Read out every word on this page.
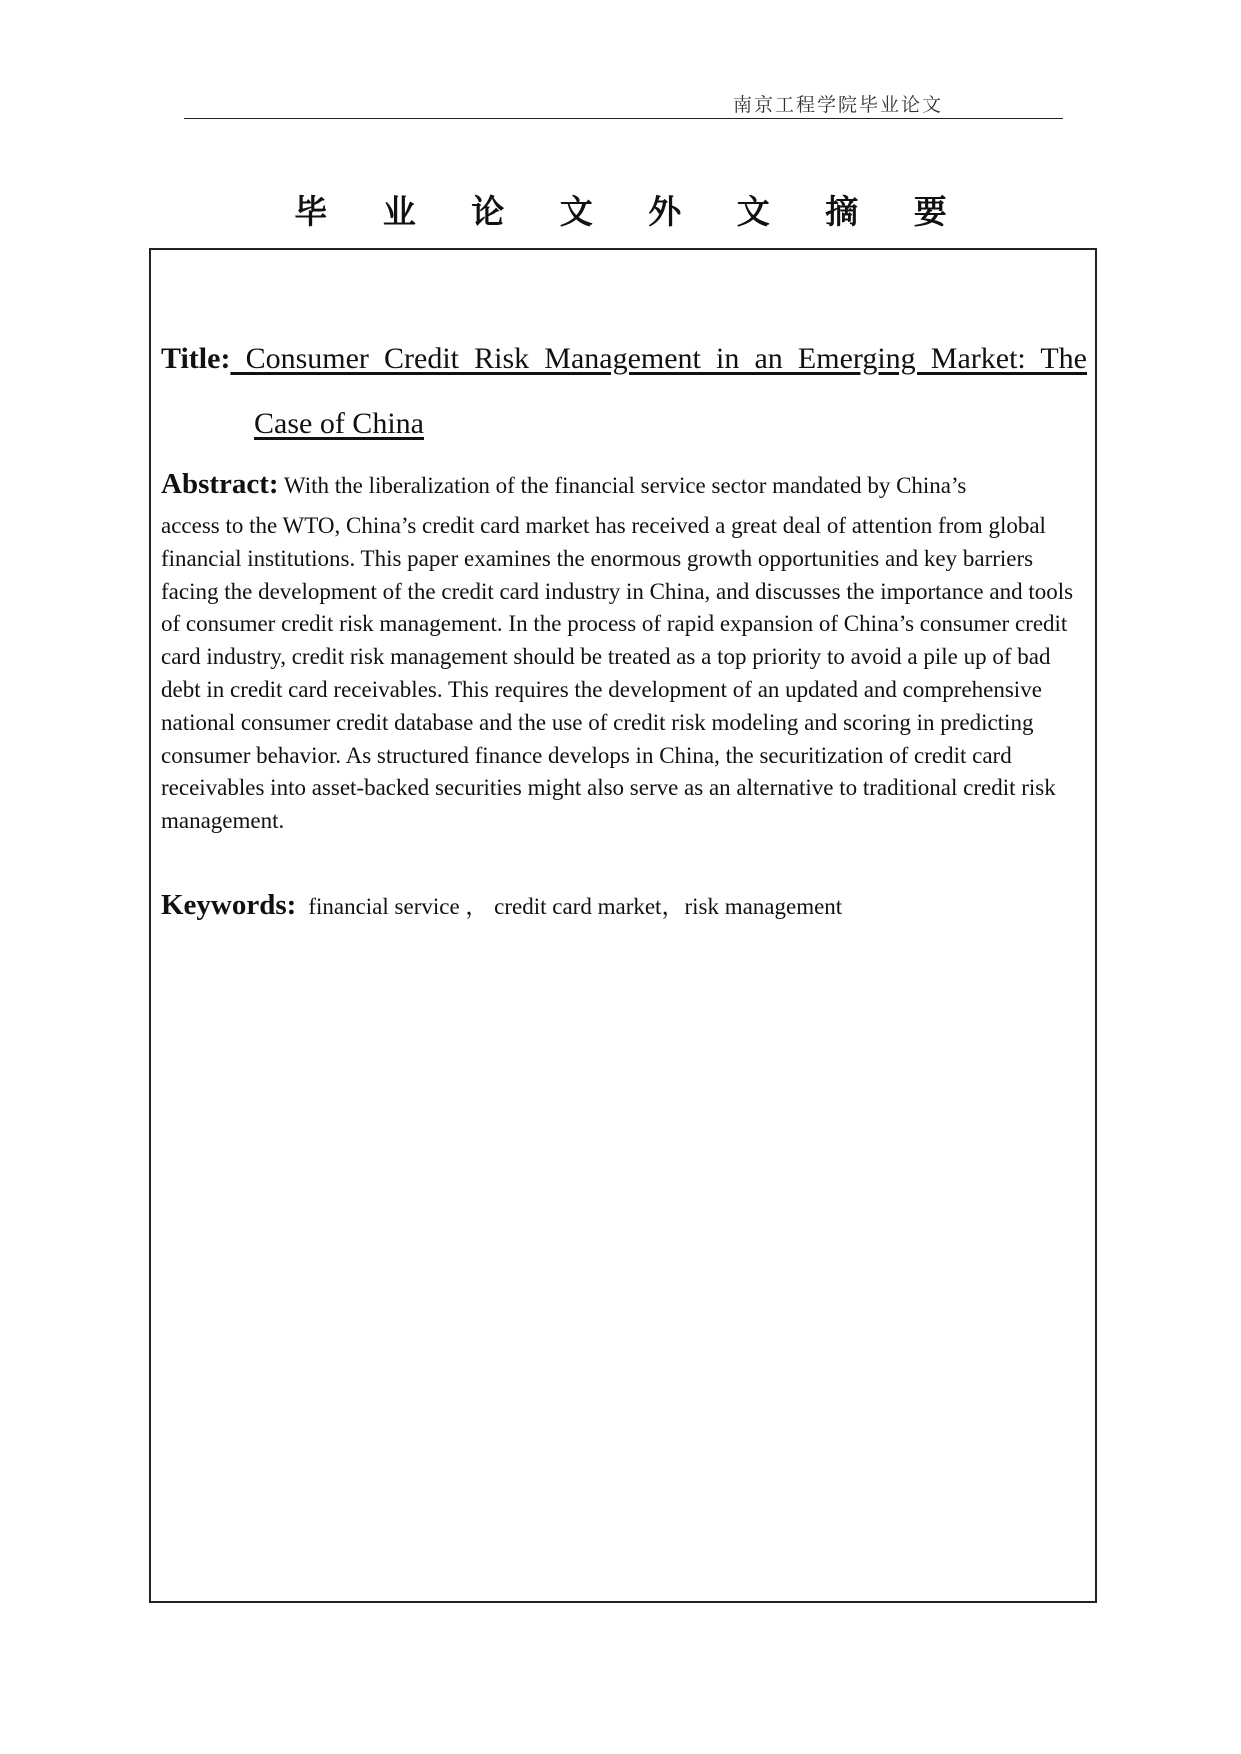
南京工程学院毕业论文
毕 业 论 文 外 文 摘 要
Title: Consumer Credit Risk Management in an Emerging Market: The
Case of China
Abstract: With the liberalization of the financial service sector mandated by China’s
access to the WTO, China’s credit card market has received a great deal of attention from global financial institutions. This paper examines the enormous growth opportunities and key barriers facing the development of the credit card industry in China, and discusses the importance and tools of consumer credit risk management. In the process of rapid expansion of China’s consumer credit card industry, credit risk management should be treated as a top priority to avoid a pile up of bad debt in credit card receivables. This requires the development of an updated and comprehensive national consumer credit database and the use of credit risk modeling and scoring in predicting consumer behavior. As structured finance develops in China, the securitization of credit card receivables into asset-backed securities might also serve as an alternative to traditional credit risk management.
Keywords: financial service ， credit card market，risk management
